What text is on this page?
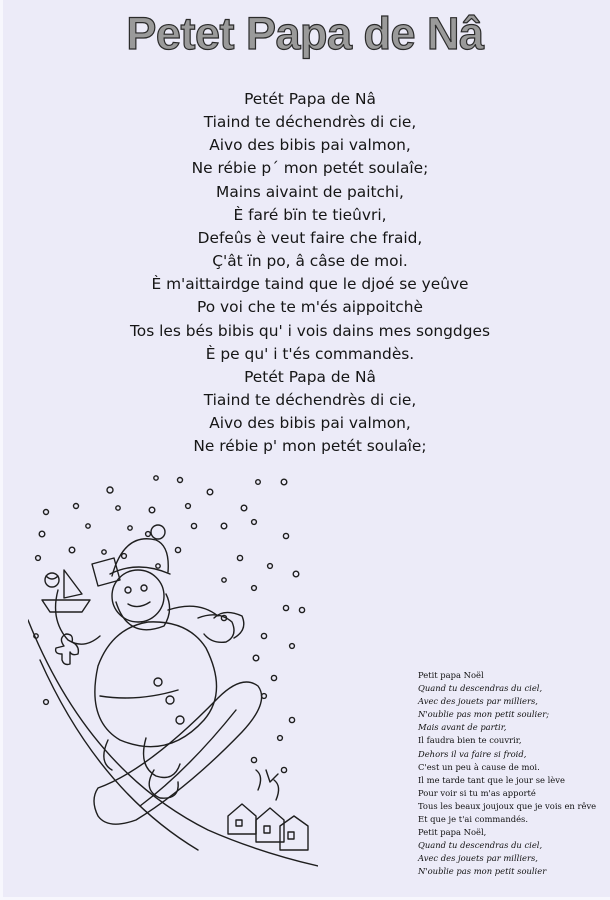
Petet Papa de Nâ
Petét Papa de Nâ
Tiaind te déchendrès di cie,
Aivo des bibis pai valmon,
Ne rébie p´ mon petét soulaîe;
Mains aivaint de paitchi,
È faré bïn te tieûvri,
Defeûs è veut faire che fraid,
Ç'ât ïn po, â câse de moi.
È m'aittairdge taind que le djoé se yeûve
Po voi che te m'és aippoitchè
Tos les bés bibis qu' i vois dains mes songdges
È pe qu' i t'és commandès.
Petét Papa de Nâ
Tiaind te déchendrès di cie,
Aivo des bibis pai valmon,
Ne rébie p' mon petét soulaîe;
Petit papa Noël
Quand tu descendras du ciel,
Avec des jouets par milliers,
N'oublie pas mon petit soulier;
Mais avant de partir,
Il faudra bien te couvrir,
Dehors il va faire si froid,
C'est un peu à cause de moi.
Il me tarde tant que le jour se lève
Pour voir si tu m'as apporté
Tous les beaux joujoux que je vois en rêve
Et que je t'ai commandés.
Petit papa Noël,
Quand tu descendras du ciel,
Avec des jouets par milliers,
N'oublie pas mon petit soulier
